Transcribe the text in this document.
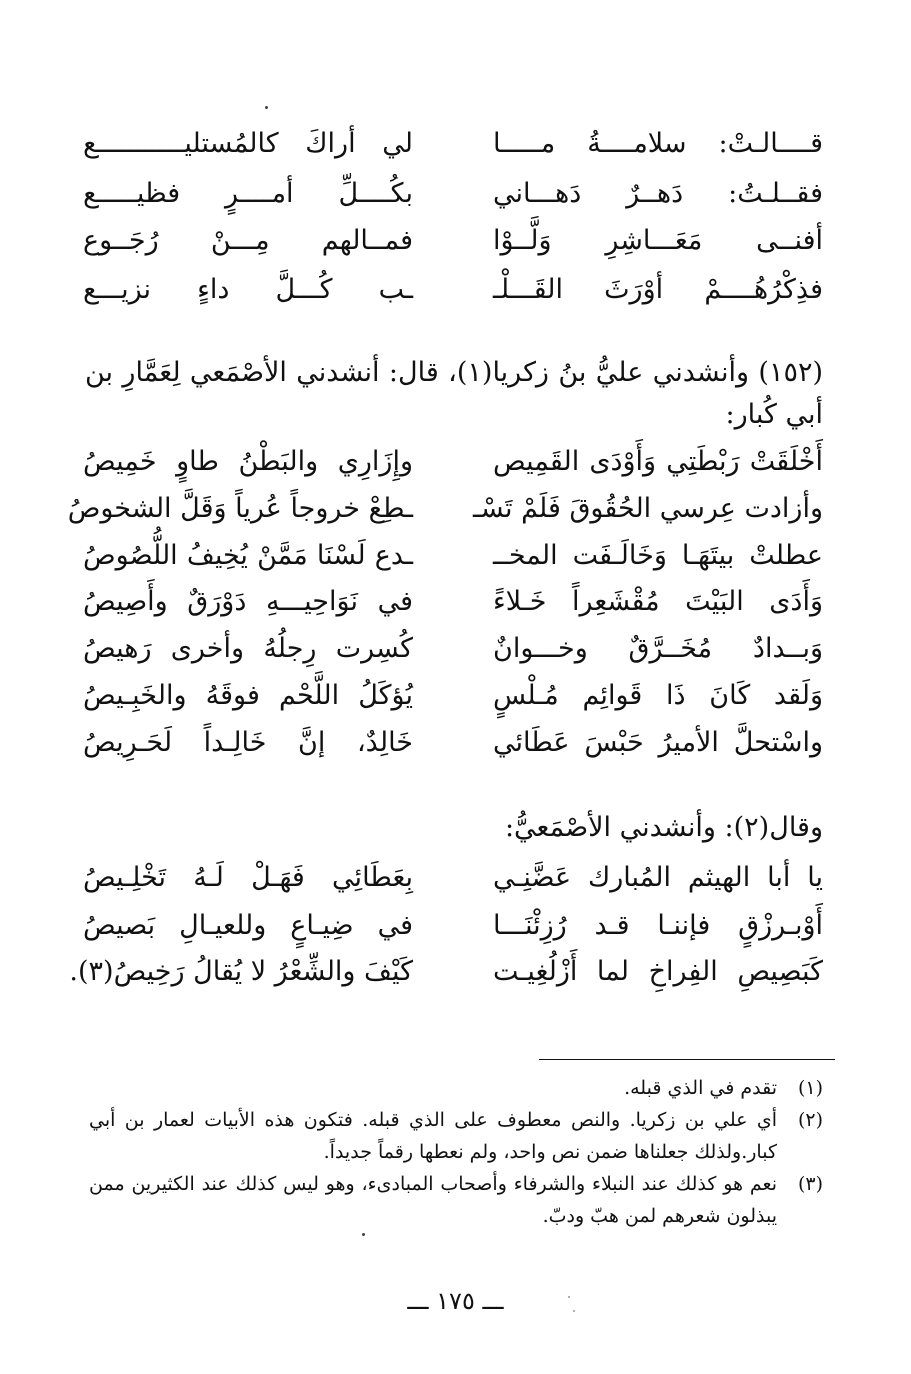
قــــالـتْ: سلامــــةُ مـــــا
لي أراكَ كالمُستليـــــــــــع
فقــلـتُ: دَهــرٌ دَهـــاني
بكُــــلِّ أمــــرٍ فظيـــــع
أفنــى مَعَـــاشِرِ وَلَّــوْا
فمــالهم مِـــنْ رُجَــوع
فذِكْرُهُــــمْ أوْرَثَ القَـــلْـ
ـب كُـــلَّ داءٍ نزيـــع
(١٥٢) وأنشدني عليُّ بنُ زكريا(١)، قال: أنشدني الأصْمَعي لِعَمَّارِ بن أبي كُبار:
أَخْلَقَتْ رَبْطَتِي وَأَوْدَى القَمِيص
وإِزَارِي والبَطْنُ طاوٍ خَمِيصُ
وأزادت عِرسي الحُقُوقَ فَلَمْ تَسْـ
ـطِعْ خروجاً عُرياً وَقَلَّ الشخوصُ
عطلتْ بيتَهَـا وَخَالَـفَت المخــ
ـدع لَسْنَا مَمَّنْ يُخِيفُ اللُّصُوصُ
وَأَدَى البَيْتَ مُقْشَعِراً خَـلاءً
في نَوَاحِيـــهِ دَوْرَقٌ وأَصِيصُ
وَبــدادٌ مُخَــرَّقٌ وخـــوانٌ
كُسِرت رِجلُهُ وأخرى رَهيصُ
وَلَقد كَانَ ذَا قَوائِم مُـلْسٍ
يُؤكَلُ اللَّحْم فوقَهُ والخَبِـيصُ
واسْتحلَّ الأميرُ حَبْسَ عَطَائي
خَالِدٌ، إنَّ خَالِـداً لَحَـرِيصُ
وقال(٢): وأنشدني الأصْمَعيُّ:
يا أبا الهيثم المُبارك عَضَّنِـي
بِعَطَائِي فَهَـلْ لَـهُ تَخْلِـيصُ
أَوْبـرزْقٍ فإننـا قـد رُزِئْنَـــا
في ضِيـاعٍ وللعيـالِ بَصيصُ
كَبَصِيصِ الفِراخِ لما أَزْلُغِيـت
كَيْفَ والشِّعْرُ لا يُقالُ رَخِيصُ(٣).
(١)
تقدم في الذي قبله.
(٢)
أي علي بن زكريا. والنص معطوف على الذي قبله. فتكون هذه الأبيات لعمار بن أبي كبار.ولذلك جعلناها ضمن نص واحد، ولم نعطها رقماً جديداً.
(٣)
نعم هو كذلك عند النبلاء والشرفاء وأصحاب المبادىء، وهو ليس كذلك عند الكثيرين ممن يبذلون شعرهم لمن هبّ ودبّ.
ـــ ١٧٥ ـــ
